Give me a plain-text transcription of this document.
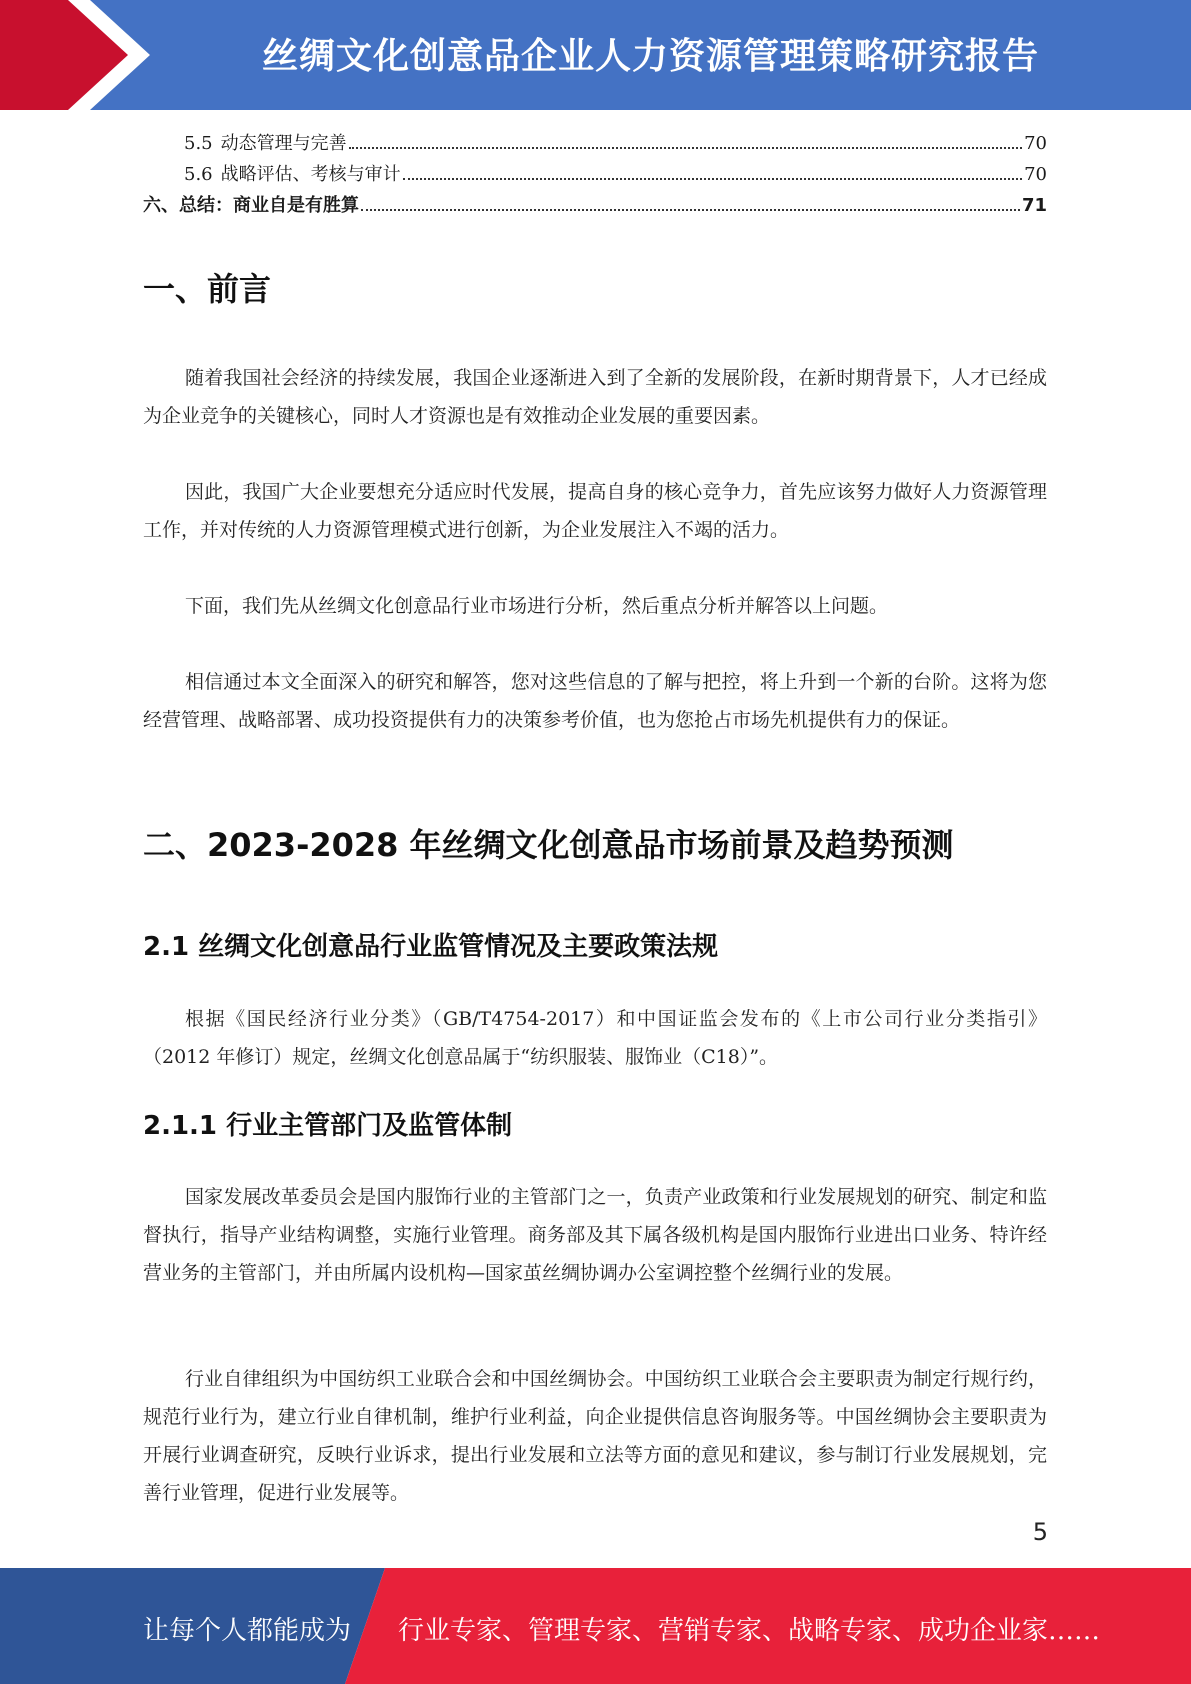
丝绸文化创意品企业人力资源管理策略研究报告
5.5 动态管理与完善	70
5.6 战略评估、考核与审计	70
六、总结：商业自是有胜算	71
一、前言

随着我国社会经济的持续发展，我国企业逐渐进入到了全新的发展阶段，在新时期背景下，人才已经成为企业竞争的关键核心，同时人才资源也是有效推动企业发展的重要因素。

因此，我国广大企业要想充分适应时代发展，提高自身的核心竞争力，首先应该努力做好人力资源管理工作，并对传统的人力资源管理模式进行创新，为企业发展注入不竭的活力。

下面，我们先从丝绸文化创意品行业市场进行分析，然后重点分析并解答以上问题。

相信通过本文全面深入的研究和解答，您对这些信息的了解与把控，将上升到一个新的台阶。这将为您经营管理、战略部署、成功投资提供有力的决策参考价值，也为您抢占市场先机提供有力的保证。

二、2023-2028 年丝绸文化创意品市场前景及趋势预测
2.1 丝绸文化创意品行业监管情况及主要政策法规

根据《国民经济行业分类》（GB/T4754-2017）和中国证监会发布的《上市公司行业分类指引》（2012 年修订）规定，丝绸文化创意品属于“纺织服装、服饰业（C18）”。

2.1.1 行业主管部门及监管体制

国家发展改革委员会是国内服饰行业的主管部门之一，负责产业政策和行业发展规划的研究、制定和监督执行，指导产业结构调整，实施行业管理。商务部及其下属各级机构是国内服饰行业进出口业务、特许经营业务的主管部门，并由所属内设机构—国家茧丝绸协调办公室调控整个丝绸行业的发展。

行业自律组织为中国纺织工业联合会和中国丝绸协会。中国纺织工业联合会主要职责为制定行规行约，规范行业行为，建立行业自律机制，维护行业利益，向企业提供信息咨询服务等。中国丝绸协会主要职责为开展行业调查研究，反映行业诉求，提出行业发展和立法等方面的意见和建议，参与制订行业发展规划，完善行业管理，促进行业发展等。

5
让每个人都能成为 行业专家、管理专家、营销专家、战略专家、成功企业家……
